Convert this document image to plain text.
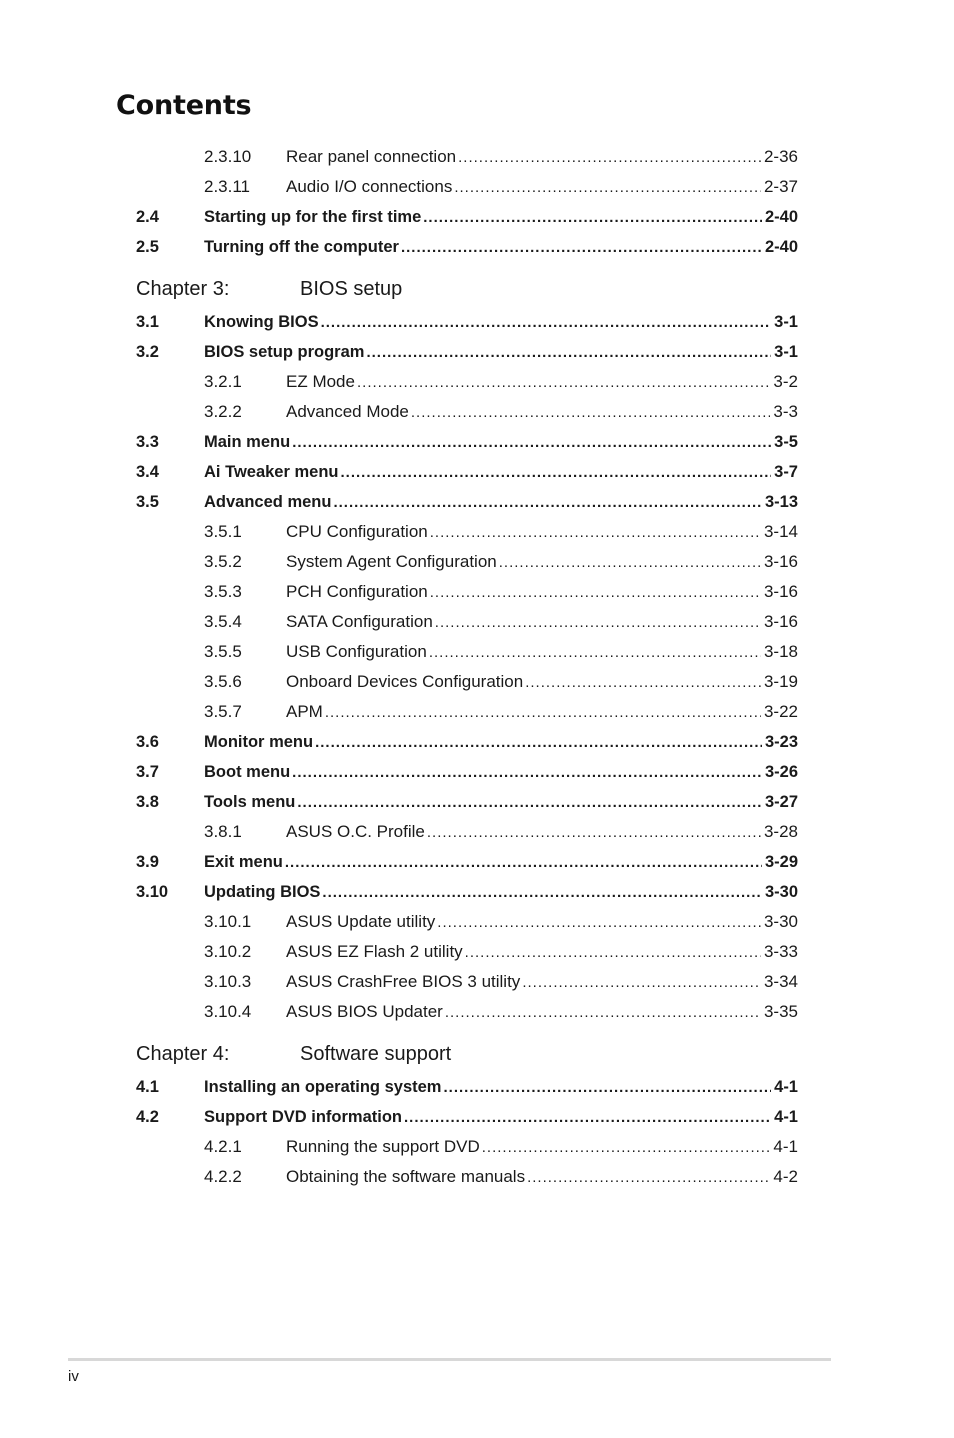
Contents
2.3.10 Rear panel connection .....	2-36
2.3.11 Audio I/O connections .....	2-37
2.4	Starting up for the first time .....	2-40
2.5	Turning off the computer .....	2-40
Chapter 3:	BIOS setup
3.1	Knowing BIOS .....	3-1
3.2	BIOS setup program .....	3-1
3.2.1	EZ Mode .....	3-2
3.2.2	Advanced Mode .....	3-3
3.3	Main menu .....	3-5
3.4	Ai Tweaker menu .....	3-7
3.5	Advanced menu .....	3-13
3.5.1	CPU Configuration .....	3-14
3.5.2	System Agent Configuration .....	3-16
3.5.3	PCH Configuration .....	3-16
3.5.4	SATA Configuration .....	3-16
3.5.5	USB Configuration .....	3-18
3.5.6	Onboard Devices Configuration .....	3-19
3.5.7	APM .....	3-22
3.6	Monitor menu .....	3-23
3.7	Boot menu .....	3-26
3.8	Tools menu .....	3-27
3.8.1	ASUS O.C. Profile .....	3-28
3.9	Exit menu .....	3-29
3.10 Updating BIOS .....	3-30
3.10.1 ASUS Update utility .....	3-30
3.10.2 ASUS EZ Flash 2 utility .....	3-33
3.10.3 ASUS CrashFree BIOS 3 utility .....	3-34
3.10.4 ASUS BIOS Updater .....	3-35
Chapter 4:	Software support
4.1	Installing an operating system .....	4-1
4.2	Support DVD information .....	4-1
4.2.1	Running the support DVD .....	4-1
4.2.2	Obtaining the software manuals .....	4-2
iv
